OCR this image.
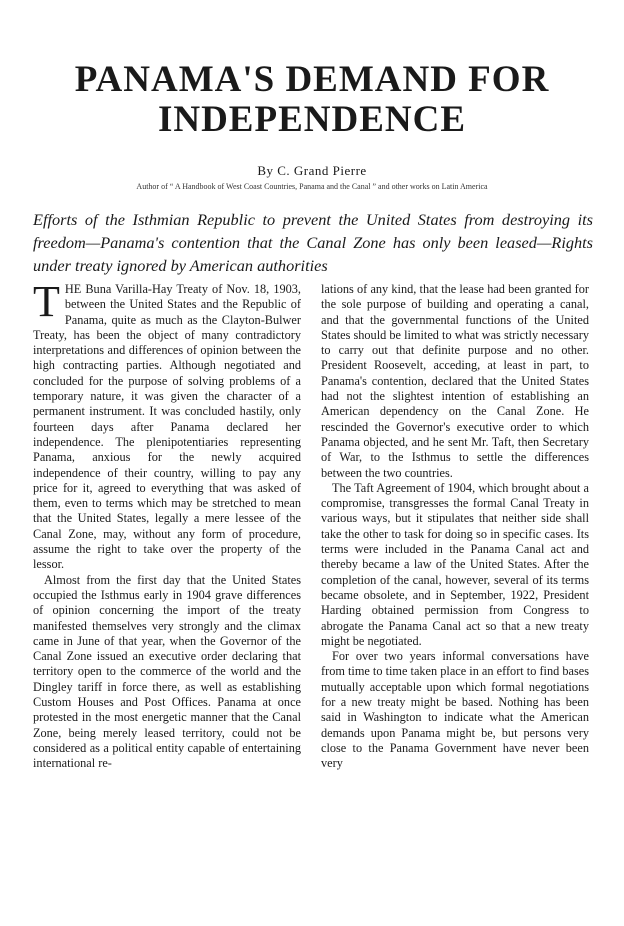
PANAMA'S DEMAND FOR
INDEPENDENCE
By C. Grand Pierre

Author of “ A Handbook of West Coast Countries, Panama and the Canal ” and other works on Latin America

Efforts of the Isthmian Republic to prevent the United States from destroying its freedom—Panama's contention that the Canal Zone has only been leased—Rights under treaty ignored by American authorities

THE Buna Varilla-Hay Treaty of Nov. 18, 1903, between the United States and the Republic of Panama, quite as much as the Clayton-Bulwer Treaty, has been the object of many contradictory interpretations and differences of opinion between the high contracting parties. Although negotiated and concluded for the purpose of solving problems of a temporary nature, it was given the character of a permanent instrument. It was concluded hastily, only fourteen days after Panama declared her independence. The plenipotentiaries representing Panama, anxious for the newly acquired independence of their country, willing to pay any price for it, agreed to everything that was asked of them, even to terms which may be stretched to mean that the United States, legally a mere lessee of the Canal Zone, may, without any form of procedure, assume the right to take over the property of the lessor.

Almost from the first day that the United States occupied the Isthmus early in 1904 grave differences of opinion concerning the import of the treaty manifested themselves very strongly and the climax came in June of that year, when the Governor of the Canal Zone issued an executive order declaring that territory open to the commerce of the world and the Dingley tariff in force there, as well as establishing Custom Houses and Post Offices. Panama at once protested in the most energetic manner that the Canal Zone, being merely leased territory, could not be considered as a political entity capable of entertaining international re-

lations of any kind, that the lease had been granted for the sole purpose of building and operating a canal, and that the governmental functions of the United States should be limited to what was strictly necessary to carry out that definite purpose and no other. President Roosevelt, acceding, at least in part, to Panama's contention, declared that the United States had not the slightest intention of establishing an American dependency on the Canal Zone. He rescinded the Governor's executive order to which Panama objected, and he sent Mr. Taft, then Secretary of War, to the Isthmus to settle the differences between the two countries.

The Taft Agreement of 1904, which brought about a compromise, transgresses the formal Canal Treaty in various ways, but it stipulates that neither side shall take the other to task for doing so in specific cases. Its terms were included in the Panama Canal act and thereby became a law of the United States. After the completion of the canal, however, several of its terms became obsolete, and in September, 1922, President Harding obtained permission from Congress to abrogate the Panama Canal act so that a new treaty might be negotiated.

For over two years informal conversations have from time to time taken place in an effort to find bases mutually acceptable upon which formal negotiations for a new treaty might be based. Nothing has been said in Washington to indicate what the American demands upon Panama might be, but persons very close to the Panama Government have never been very
